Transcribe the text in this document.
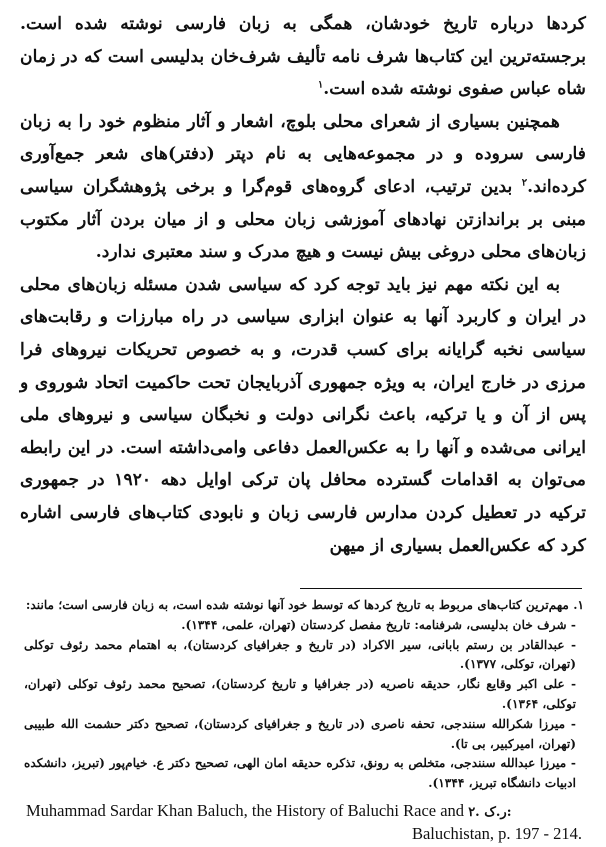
کردها درباره تاریخ خودشان، همگی به زبان فارسی نوشته شده است. برجسته‌ترین این کتاب‌ها شرف نامه تألیف شرف‌خان بدلیسی است که در زمان شاه عباس صفوی نوشته شده است.$^۱$

همچنین بسیاری از شعرای محلی بلوچ، اشعار و آثار منظوم خود را به زبان فارسی سروده و در مجموعه‌هایی به نام دپتر (دفتر)های شعر جمع‌آوری کرده‌اند.$^۲$ بدین ترتیب، ادعای گروه‌های قوم‌گرا و برخی پژوهشگران سیاسی مبنی بر براندازتن نهادهای آموزشی زبان محلی و از میان بردن آثار مکتوب زبان‌های محلی دروغی بیش نیست و هیچ مدرک و سند معتبری ندارد.

به این نکته مهم نیز باید توجه کرد که سیاسی شدن مسئله زبان‌های محلی در ایران و کاربرد آنها به عنوان ابزاری سیاسی در راه مبارزات و رقابت‌های سیاسی نخبه گرایانه برای کسب قدرت، و به خصوص تحریکات نیروهای فرا مرزی در خارج ایران، به ویژه جمهوری آذربایجان تحت حاکمیت اتحاد شوروی و پس از آن و یا ترکیه، باعث نگرانی دولت و نخبگان سیاسی و نیروهای ملی ایرانی می‌شده و آنها را به عکس‌العمل دفاعی وامی‌داشته است. در این رابطه می‌توان به اقدامات گسترده محافل پان ترکی اوایل دهه ۱۹۲۰ در جمهوری ترکیه در تعطیل کردن مدارس فارسی زبان و نابودی کتاب‌های فارسی اشاره کرد که عکس‌العمل بسیاری از میهن

۱. مهم‌ترین کتاب‌های مربوط به تاریخ کردها که توسط خود آنها نوشته شده است، به زبان فارسی است؛ مانند:

- شرف خان بدلیسی، شرفنامه: تاریخ مفصل کردستان (تهران، علمی، ۱۳۴۴).

- عبدالقادر بن رستم بابانی، سیر الاکراد (در تاریخ و جغرافیای کردستان)، به اهتمام محمد رئوف توکلی (تهران، توکلی، ۱۳۷۷).

- علی اکبر وقایع نگار، حدیقه ناصریه (در جغرافیا و تاریخ کردستان)، تصحیح محمد رئوف توکلی (تهران، توکلی، ۱۳۶۴).

- میرزا شکرالله سنندجی، تحفه ناصری (در تاریخ و جغرافیای کردستان)، تصحیح دکتر حشمت الله طبیبی (تهران، امیرکبیر، بی تا).

- میرزا عبدالله سنندجی، متخلص به رونق، تذکره حدیقه امان الهی، تصحیح دکتر ع. خیام‌پور (تبریز، دانشکده ادبیات دانشگاه تبریز، ۱۳۴۴).

Muhammad Sardar Khan Baluch, the History of Baluchi Race and ۲. ر.ک:
Baluchistan, p. 197 - 214.
